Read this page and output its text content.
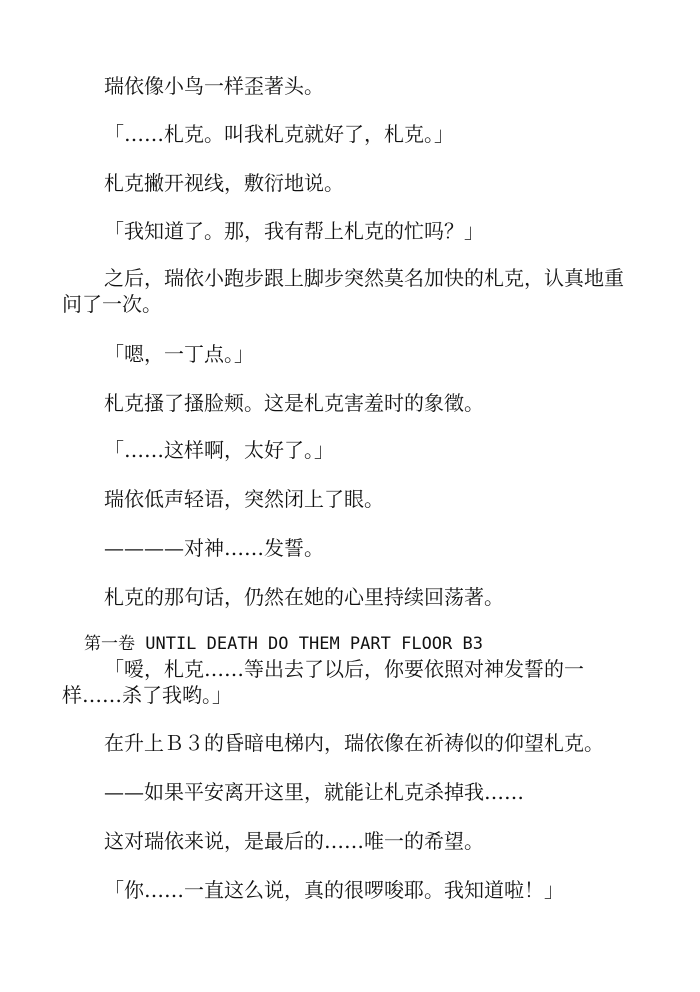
瑞依像小鸟一样歪著头。

「……札克。叫我札克就好了，札克。」

札克撇开视线，敷衍地说。

「我知道了。那，我有帮上札克的忙吗？」

之后，瑞依小跑步跟上脚步突然莫名加快的札克，认真地重问了一次。

「嗯，一丁点。」

札克搔了搔脸颊。这是札克害羞时的象徵。

「……这样啊，太好了。」

瑞依低声轻语，突然闭上了眼。

————对神……发誓。

札克的那句话，仍然在她的心里持续回荡著。

第一卷 UNTIL DEATH DO THEM PART FLOOR B3

「嗳，札克……等出去了以后，你要依照对神发誓的一样……杀了我哟。」

在升上Ｂ３的昏暗电梯内，瑞依像在祈祷似的仰望札克。

——如果平安离开这里，就能让札克杀掉我……

这对瑞依来说，是最后的……唯一的希望。

「你……一直这么说，真的很啰唆耶。我知道啦！」
